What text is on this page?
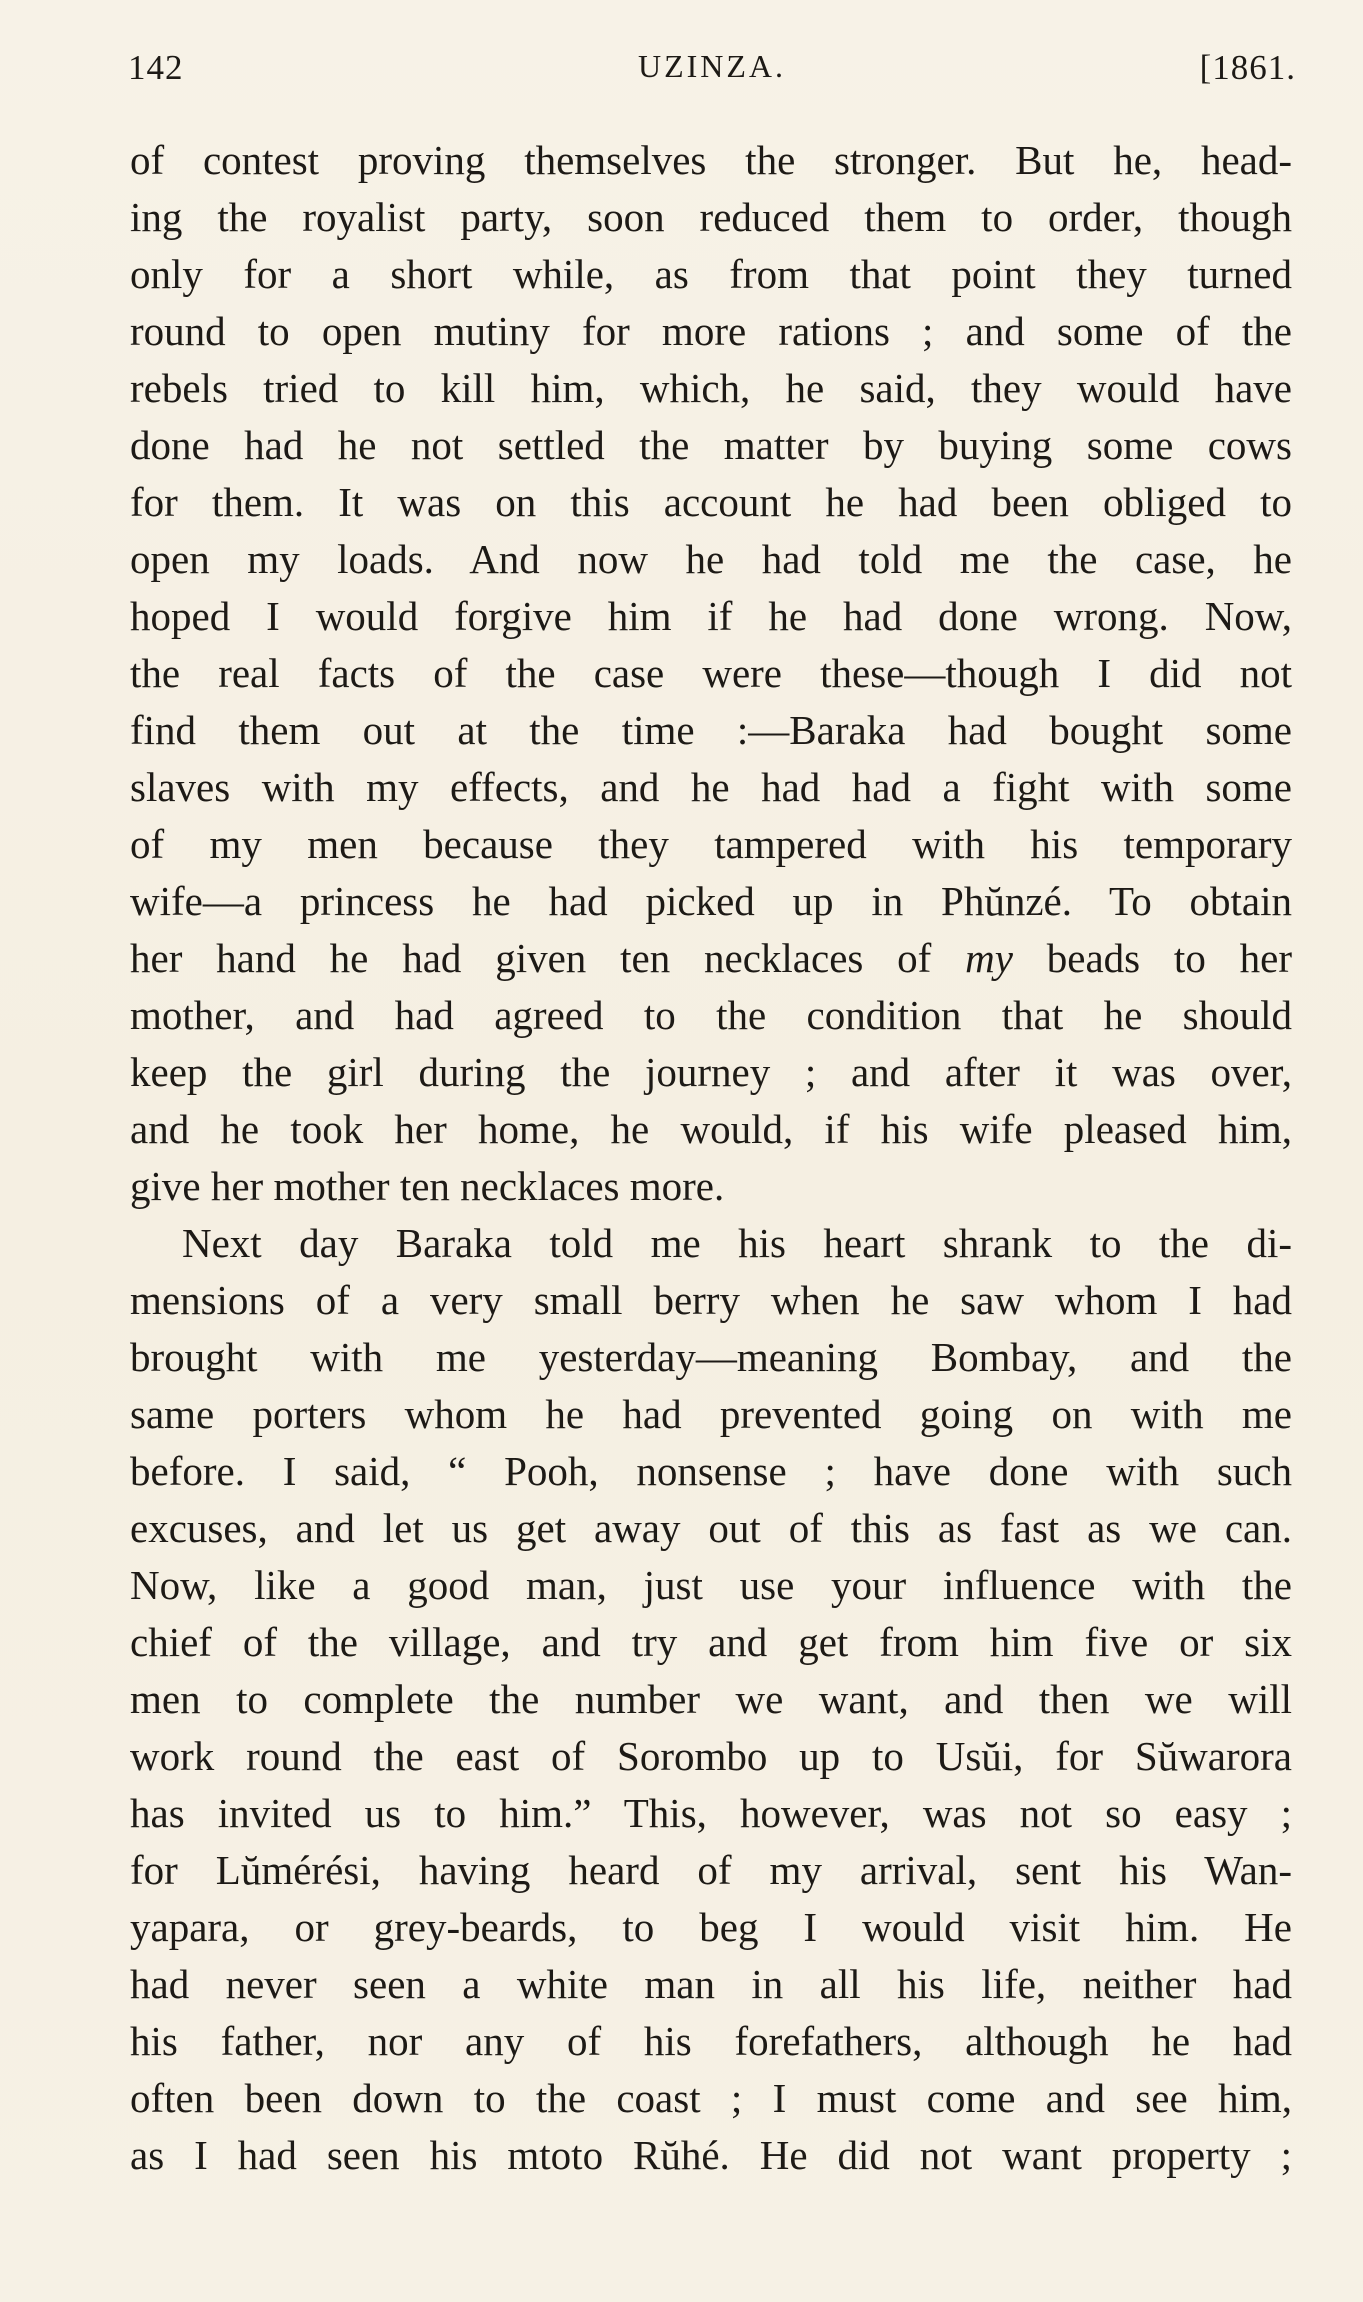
142	UZINZA.	[1861.
of contest proving themselves the stronger. But he, head-
ing the royalist party, soon reduced them to order, though
only for a short while, as from that point they turned
round to open mutiny for more rations ; and some of the
rebels tried to kill him, which, he said, they would have
done had he not settled the matter by buying some cows
for them. It was on this account he had been obliged to
open my loads. And now he had told me the case, he
hoped I would forgive him if he had done wrong. Now,
the real facts of the case were these—though I did not
find them out at the time :—Baraka had bought some
slaves with my effects, and he had had a fight with some
of my men because they tampered with his temporary
wife—a princess he had picked up in Phŭnzé. To obtain
her hand he had given ten necklaces of my beads to her
mother, and had agreed to the condition that he should
keep the girl during the journey ; and after it was over,
and he took her home, he would, if his wife pleased him,
give her mother ten necklaces more.
Next day Baraka told me his heart shrank to the di-
mensions of a very small berry when he saw whom I had
brought with me yesterday—meaning Bombay, and the
same porters whom he had prevented going on with me
before. I said, “ Pooh, nonsense ; have done with such
excuses, and let us get away out of this as fast as we can.
Now, like a good man, just use your influence with the
chief of the village, and try and get from him five or six
men to complete the number we want, and then we will
work round the east of Sorombo up to Usŭi, for Sŭwarora
has invited us to him.” This, however, was not so easy ;
for Lŭmérési, having heard of my arrival, sent his Wan-
yapara, or grey-beards, to beg I would visit him. He
had never seen a white man in all his life, neither had
his father, nor any of his forefathers, although he had
often been down to the coast ; I must come and see him,
as I had seen his mtoto Rŭhé. He did not want property ;
